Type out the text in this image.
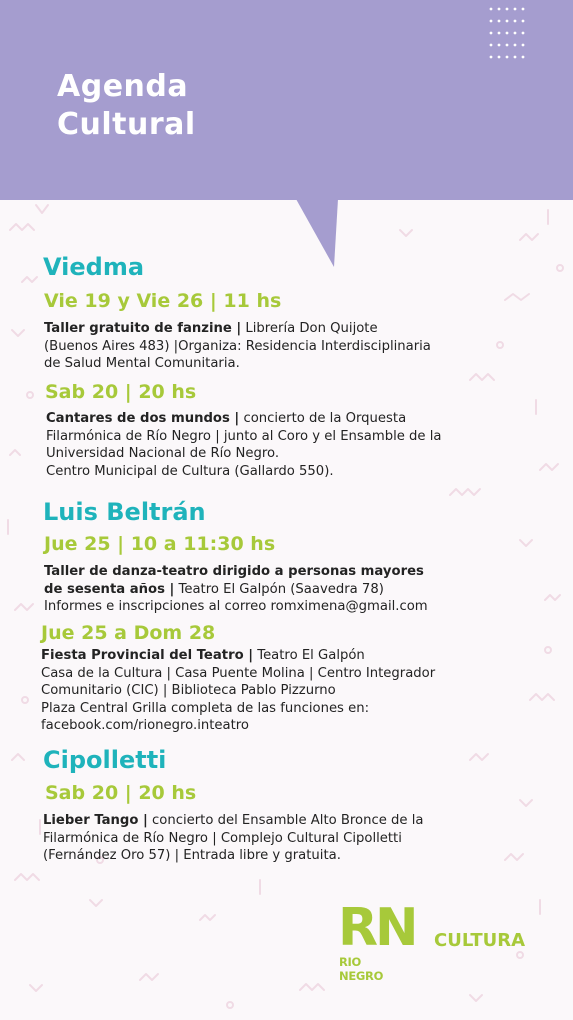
Agenda
Cultural
Viedma
Vie 19 y Vie 26 | 11 hs
Taller gratuito de fanzine | Librería Don Quijote
(Buenos Aires 483) |Organiza: Residencia Interdisciplinaria
de Salud Mental Comunitaria.
Sab 20 | 20 hs
Cantares de dos mundos | concierto de la Orquesta
Filarmónica de Río Negro | junto al Coro y el Ensamble de la
Universidad Nacional de Río Negro.
Centro Municipal de Cultura (Gallardo 550).
Luis Beltrán
Jue 25 | 10 a 11:30 hs
Taller de danza-teatro dirigido a personas mayores
de sesenta años | Teatro El Galpón (Saavedra 78)
Informes e inscripciones al correo romximena@gmail.com
Jue 25 a Dom 28
Fiesta Provincial del Teatro | Teatro El Galpón
Casa de la Cultura | Casa Puente Molina | Centro Integrador
Comunitario (CIC) | Biblioteca Pablo Pizzurno
Plaza Central Grilla completa de las funciones en:
facebook.com/rionegro.inteatro
Cipolletti
Sab 20 | 20 hs
Lieber Tango | concierto del Ensamble Alto Bronce de la
Filarmónica de Río Negro | Complejo Cultural Cipolletti
(Fernández Oro 57) | Entrada libre y gratuita.
RN
RIO NEGRO
CULTURA
